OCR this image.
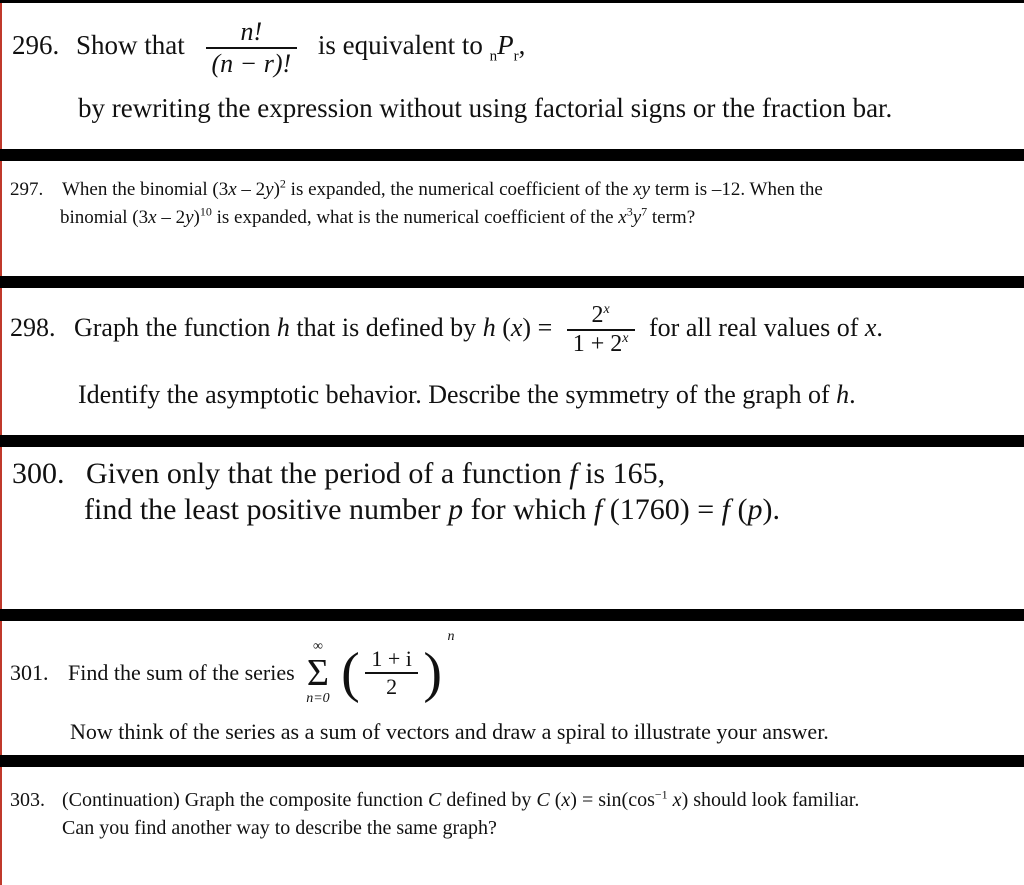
296. Show that $\frac{n!}{(n - r)!}$ is equivalent to $_nP_r$,
by rewriting the expression without using factorial signs or the fraction bar.
297. When the binomial (3x – 2y)$^2$ is expanded, the numerical coefficient of the xy term is –12. When the
binomial (3x – 2y)$^{10}$ is expanded, what is the numerical coefficient of the $x^3y^7$ term?
298. Graph the function h that is defined by h $(x) = \frac{2^x}{1 + 2^x}$ for all real values of x.
Identify the asymptotic behavior. Describe the symmetry of the graph of h.
300. Given only that the period of a function f is 165,
find the least positive number p for which f (1760) = f (p).
301. Find the sum of the series
∞
Σ
n=0 ( $\frac{1 + i}{2}$ ) $^n$
Now think of the series as a sum of vectors and draw a spiral to illustrate your answer.
303. (Continuation) Graph the composite function C defined by C $(x) = \sin(\cos^{-1}$ x) should look familiar.
Can you find another way to describe the same graph?
